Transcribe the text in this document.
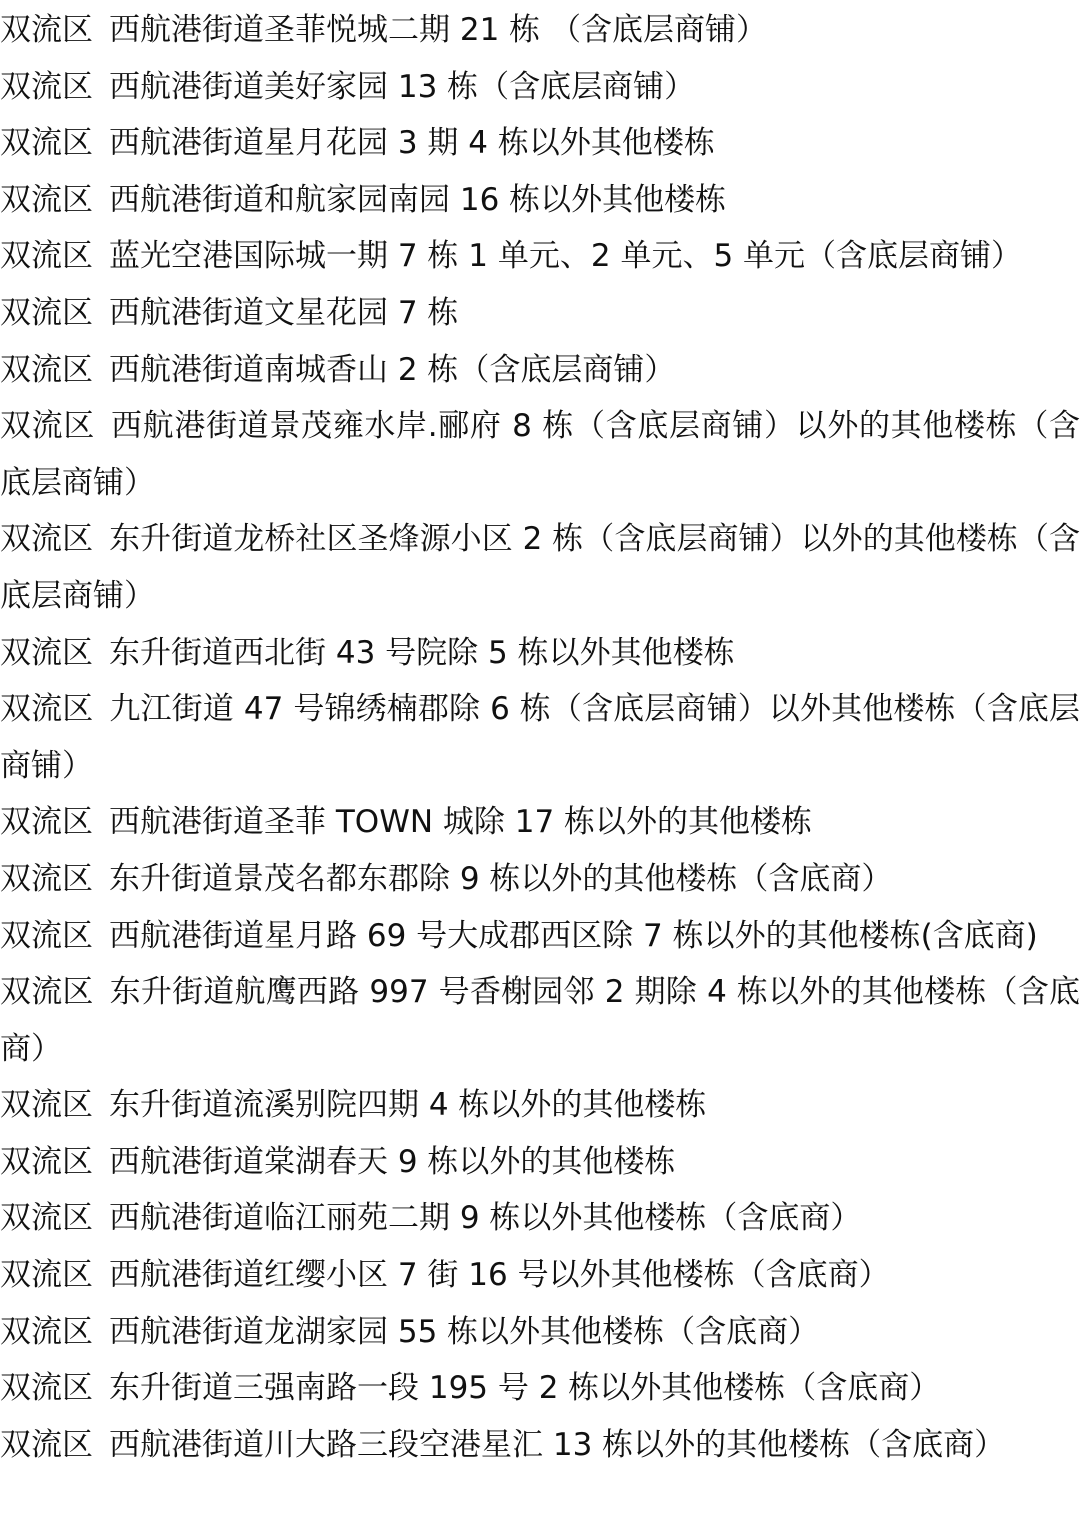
双流区 西航港街道圣菲悦城二期 21 栋 （含底层商铺）

双流区 西航港街道美好家园 13 栋（含底层商铺）

双流区 西航港街道星月花园 3 期 4 栋以外其他楼栋

双流区 西航港街道和航家园南园 16 栋以外其他楼栋

双流区 蓝光空港国际城一期 7 栋 1 单元、2 单元、5 单元（含底层商铺）

双流区 西航港街道文星花园 7 栋

双流区 西航港街道南城香山 2 栋（含底层商铺）

双流区 西航港街道景茂雍水岸.郦府 8 栋（含底层商铺）以外的其他楼栋（含底层商铺）

双流区 东升街道龙桥社区圣烽源小区 2 栋（含底层商铺）以外的其他楼栋（含底层商铺）

双流区 东升街道西北街 43 号院除 5 栋以外其他楼栋

双流区 九江街道 47 号锦绣楠郡除 6 栋（含底层商铺）以外其他楼栋（含底层商铺）

双流区 西航港街道圣菲 TOWN 城除 17 栋以外的其他楼栋

双流区 东升街道景茂名都东郡除 9 栋以外的其他楼栋（含底商）

双流区 西航港街道星月路 69 号大成郡西区除 7 栋以外的其他楼栋(含底商)

双流区 东升街道航鹰西路 997 号香榭园邻 2 期除 4 栋以外的其他楼栋（含底商）

双流区 东升街道流溪别院四期 4 栋以外的其他楼栋

双流区 西航港街道棠湖春天 9 栋以外的其他楼栋

双流区 西航港街道临江丽苑二期 9 栋以外其他楼栋（含底商）

双流区 西航港街道红缨小区 7 街 16 号以外其他楼栋（含底商）

双流区 西航港街道龙湖家园 55 栋以外其他楼栋（含底商）

双流区 东升街道三强南路一段 195 号 2 栋以外其他楼栋（含底商）

双流区 西航港街道川大路三段空港星汇 13 栋以外的其他楼栋（含底商）
